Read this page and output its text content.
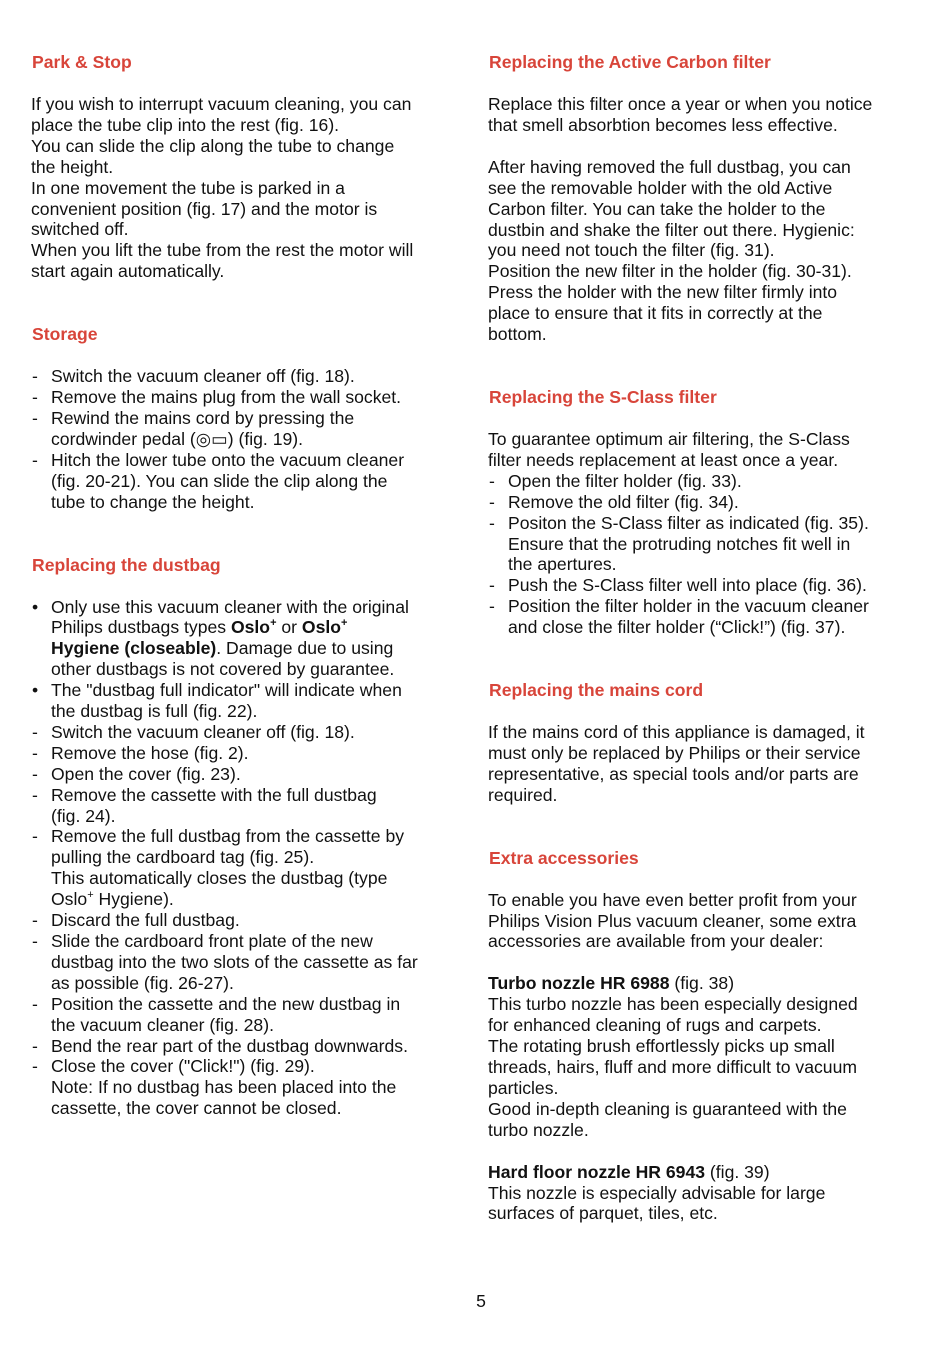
Park & Stop
If you wish to interrupt vacuum cleaning, you can
place the tube clip into the rest (fig. 16).
You can slide the clip along the tube to change
the height.
In one movement the tube is parked in a
convenient position (fig. 17) and the motor is
switched off.
When you lift the tube from the rest the motor will
start again automatically.
Storage
- Switch the vacuum cleaner off (fig. 18).
- Remove the mains plug from the wall socket.
- Rewind the mains cord by pressing the
cordwinder pedal (◎▭) (fig. 19).
- Hitch the lower tube onto the vacuum cleaner
(fig. 20-21). You can slide the clip along the
tube to change the height.
Replacing the dustbag
• Only use this vacuum cleaner with the original
Philips dustbags types Oslo+ or Oslo+
Hygiene (closeable). Damage due to using
other dustbags is not covered by guarantee.
• The "dustbag full indicator" will indicate when
the dustbag is full (fig. 22).
- Switch the vacuum cleaner off (fig. 18).
- Remove the hose (fig. 2).
- Open the cover (fig. 23).
- Remove the cassette with the full dustbag
(fig. 24).
- Remove the full dustbag from the cassette by
pulling the cardboard tag (fig. 25).
This automatically closes the dustbag (type
Oslo+ Hygiene).
- Discard the full dustbag.
- Slide the cardboard front plate of the new
dustbag into the two slots of the cassette as far
as possible (fig. 26-27).
- Position the cassette and the new dustbag in
the vacuum cleaner (fig. 28).
- Bend the rear part of the dustbag downwards.
- Close the cover ("Click!") (fig. 29).
Note: If no dustbag has been placed into the
cassette, the cover cannot be closed.
Replacing the Active Carbon filter
Replace this filter once a year or when you notice
that smell absorbtion becomes less effective.
After having removed the full dustbag, you can
see the removable holder with the old Active
Carbon filter. You can take the holder to the
dustbin and shake the filter out there. Hygienic:
you need not touch the filter (fig. 31).
Position the new filter in the holder (fig. 30-31).
Press the holder with the new filter firmly into
place to ensure that it fits in correctly at the
bottom.
Replacing the S-Class filter
To guarantee optimum air filtering, the S-Class
filter needs replacement at least once a year.
- Open the filter holder (fig. 33).
- Remove the old filter (fig. 34).
- Positon the S-Class filter as indicated (fig. 35).
Ensure that the protruding notches fit well in
the apertures.
- Push the S-Class filter well into place (fig. 36).
- Position the filter holder in the vacuum cleaner
and close the filter holder (“Click!”) (fig. 37).
Replacing the mains cord
If the mains cord of this appliance is damaged, it
must only be replaced by Philips or their service
representative, as special tools and/or parts are
required.
Extra accessories
To enable you have even better profit from your
Philips Vision Plus vacuum cleaner, some extra
accessories are available from your dealer:
Turbo nozzle HR 6988 (fig. 38)
This turbo nozzle has been especially designed
for enhanced cleaning of rugs and carpets.
The rotating brush effortlessly picks up small
threads, hairs, fluff and more difficult to vacuum
particles.
Good in-depth cleaning is guaranteed with the
turbo nozzle.
Hard floor nozzle HR 6943 (fig. 39)
This nozzle is especially advisable for large
surfaces of parquet, tiles, etc.
5
